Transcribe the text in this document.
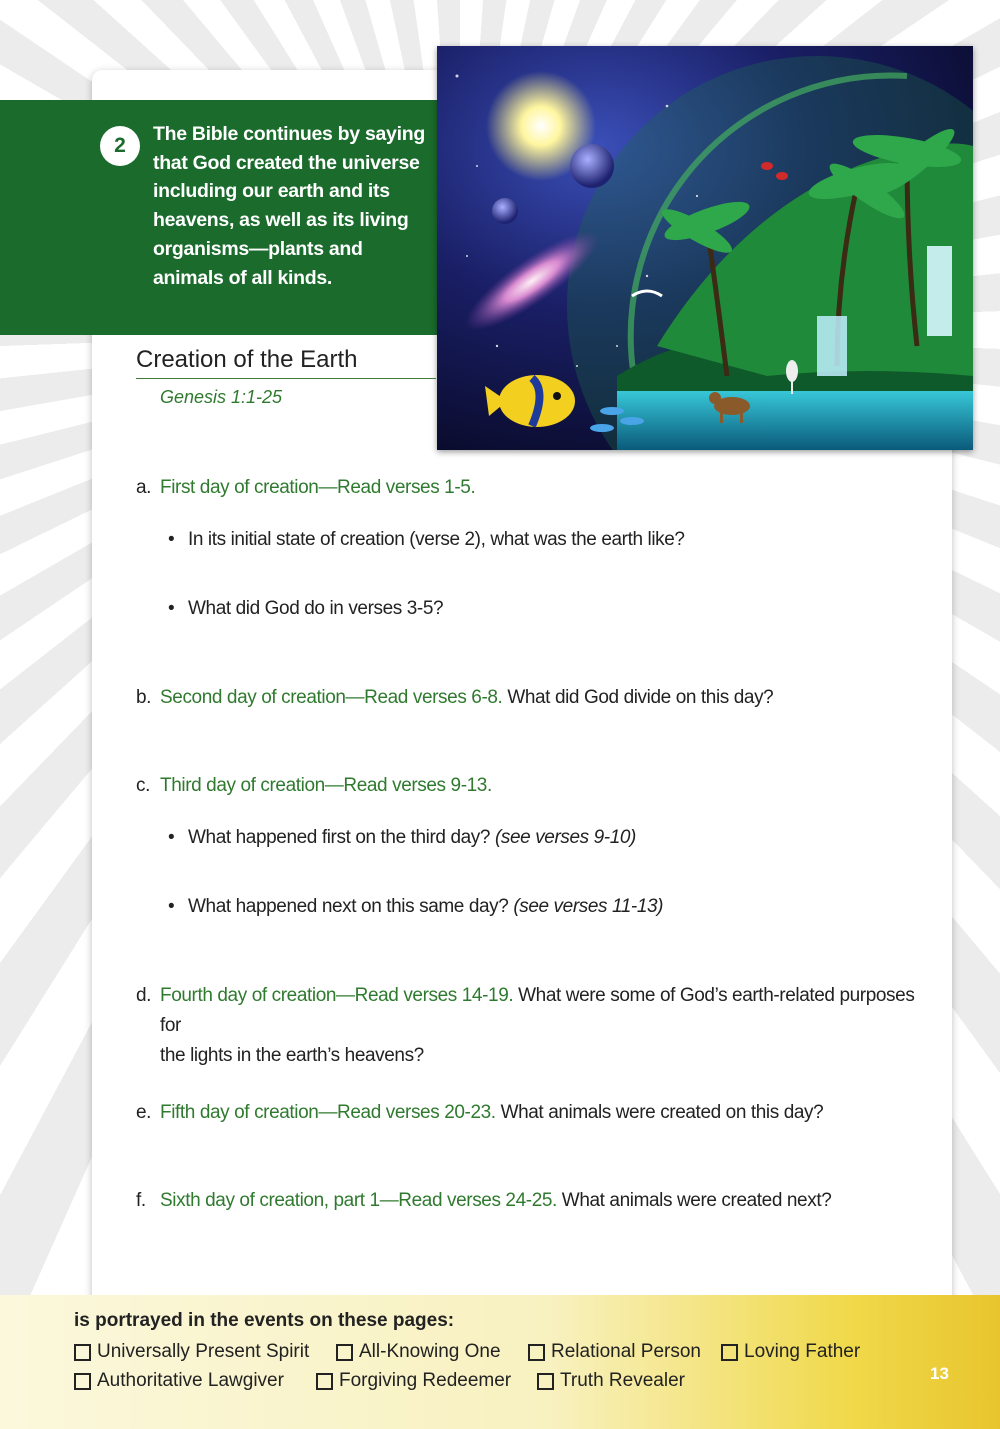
2	The Bible continues by saying that God created the universe including our earth and its heavens, as well as its living organisms—plants and animals of all kinds.
Creation of the Earth
Genesis 1:1-25
a. First day of creation—Read verses 1-5.
• In its initial state of creation (verse 2), what was the earth like?
• What did God do in verses 3-5?
b. Second day of creation—Read verses 6-8. What did God divide on this day?
c. Third day of creation—Read verses 9-13.
• What happened first on the third day? (see verses 9-10)
• What happened next on this same day? (see verses 11-13)
d. Fourth day of creation—Read verses 14-19. What were some of God’s earth-related purposes for
the lights in the earth’s heavens?
e. Fifth day of creation—Read verses 20-23. What animals were created on this day?
f. Sixth day of creation, part 1—Read verses 24-25. What animals were created next?
is portrayed in the events on these pages:
Universally Present Spirit	All-Knowing One	Relational Person Loving Father
Authoritative Lawgiver	Forgiving Redeemer	Truth Revealer	13
